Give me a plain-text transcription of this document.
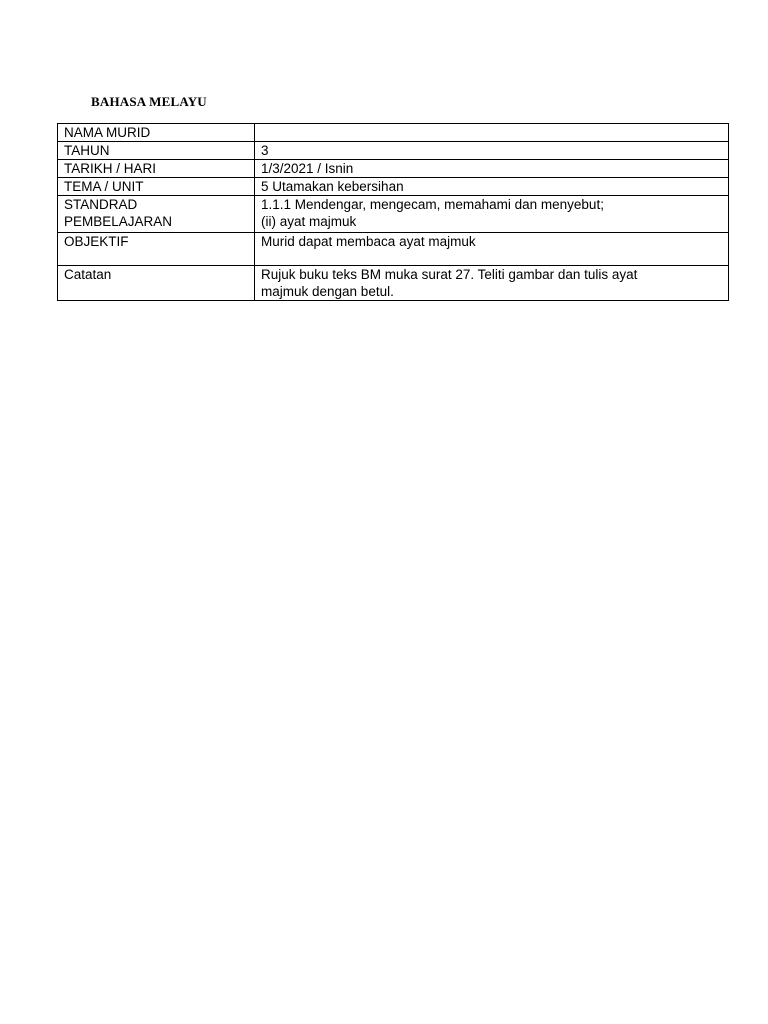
BAHASA MELAYU
NAMA MURID	
TAHUN	3
TARIKH / HARI	1/3/2021 / Isnin
TEMA / UNIT	5 Utamakan kebersihan

STANDRAD
PEMBELAJARAN	1.1.1 Mendengar, mengecam, memahami dan menyebut;
(ii) ayat majmuk

OBJEKTIF	Murid dapat membaca ayat majmuk
Catatan	Rujuk buku teks BM muka surat 27. Teliti gambar dan tulis ayat
majmuk dengan betul.
